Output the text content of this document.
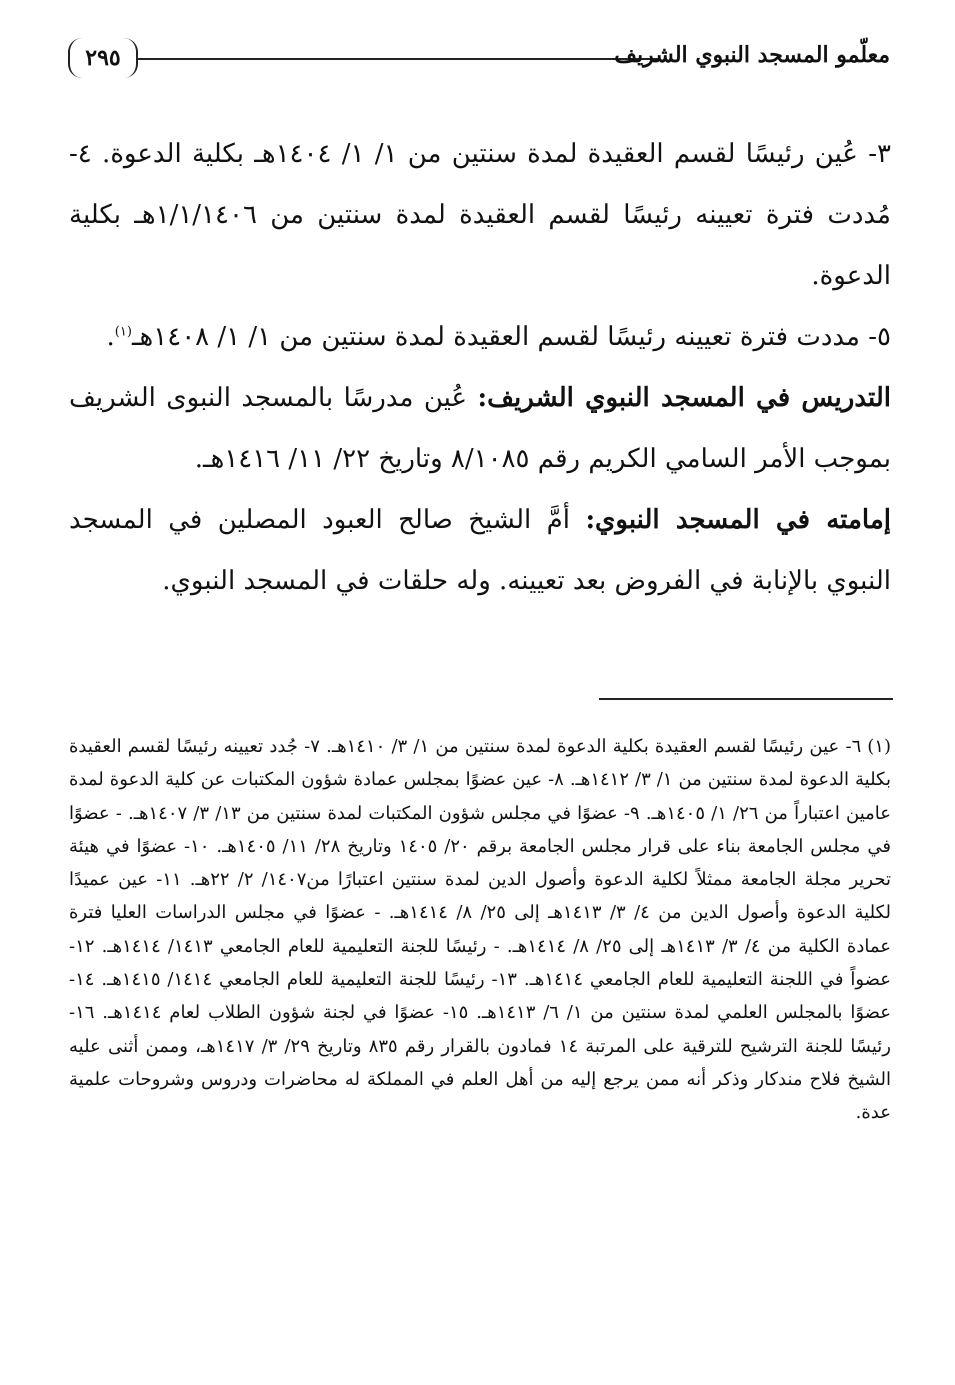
٢٩٥	معلّمو المسجد النبوي الشريف

٣- عُين رئيسًا لقسم العقيدة لمدة سنتين من ١/ ١/ ١٤٠٤هـ بكلية الدعوة. ٤- مُددت فترة تعيينه رئيسًا لقسم العقيدة لمدة سنتين من ١/١/١٤٠٦هـ بكلية الدعوة.

٥- مددت فترة تعيينه رئيسًا لقسم العقيدة لمدة سنتين من ١/ ١/ ١٤٠٨هـ$^{(١)}$.

التدريس في المسجد النبوي الشريف: عُين مدرسًا بالمسجد النبوى الشريف بموجب الأمر السامي الكريم رقم ٨/١٠٨٥ وتاريخ ٢٢/ ١١/ ١٤١٦هـ.

إمامته في المسجد النبوي: أمَّ الشيخ صالح العبود المصلين في المسجد النبوي بالإنابة في الفروض بعد تعيينه. وله حلقات في المسجد النبوي.

(١)٦- عين رئيسًا لقسم العقيدة بكلية الدعوة لمدة سنتين من ١/ ٣/ ١٤١٠هـ. ٧- جُدد تعيينه رئيسًا لقسم العقيدة بكلية الدعوة لمدة سنتين من ١/ ٣/ ١٤١٢هـ. ٨- عين عضوًا بمجلس عمادة شؤون المكتبات عن كلية الدعوة لمدة عامين اعتباراً من ٢٦/ ١/ ١٤٠٥هـ. ٩- عضوًا في مجلس شؤون المكتبات لمدة سنتين من ١٣/ ٣/ ١٤٠٧هـ. - عضوًا في مجلس الجامعة بناء على قرار مجلس الجامعة برقم ٢٠/ ١٤٠٥ وتاريخ ٢٨/ ١١/ ١٤٠٥هـ. ١٠- عضوًا في هيئة تحرير مجلة الجامعة ممثلاً لكلية الدعوة وأصول الدين لمدة سنتين اعتبارًا من١٤٠٧/ ٢/ ٢٢هـ. ١١- عين عميدًا لكلية الدعوة وأصول الدين من ٤/ ٣/ ١٤١٣هـ إلى ٢٥/ ٨/ ١٤١٤هـ. - عضوًا في مجلس الدراسات العليا فترة عمادة الكلية من ٤/ ٣/ ١٤١٣هـ إلى ٢٥/ ٨/ ١٤١٤هـ. - رئيسًا للجنة التعليمية للعام الجامعي ١٤١٣/ ١٤١٤هـ. ١٢- عضواً في اللجنة التعليمية للعام الجامعي ١٤١٤هـ. ١٣- رئيسًا للجنة التعليمية للعام الجامعي ١٤١٤/ ١٤١٥هـ. ١٤- عضوًا بالمجلس العلمي لمدة سنتين من ١/ ٦/ ١٤١٣هـ. ١٥- عضوًا في لجنة شؤون الطلاب لعام ١٤١٤هـ. ١٦- رئيسًا للجنة الترشيح للترقية على المرتبة ١٤ فمادون بالقرار رقم ٨٣٥ وتاريخ ٢٩/ ٣/ ١٤١٧هـ، وممن أثنى عليه الشيخ فلاح مندكار وذكر أنه ممن يرجع إليه من أهل العلم في المملكة له محاضرات ودروس وشروحات علمية عدة.
